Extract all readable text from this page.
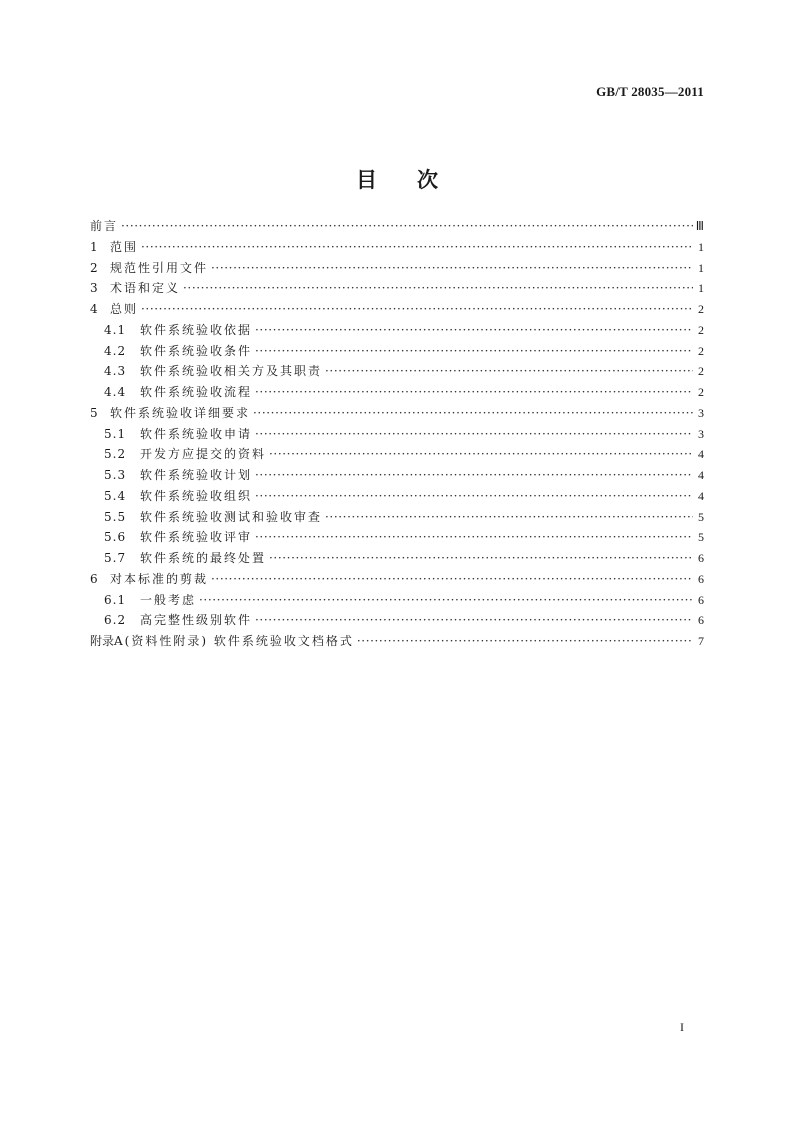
GB/T 28035—2011
目次
前言 ·····	Ⅲ
1	范围 ·····	1
2	规范性引用文件 ·····	1
3	术语和定义 ·····	1
4	总则 ·····	2
4.1	软件系统验收依据 ·····	2
4.2	软件系统验收条件 ·····	2
4.3	软件系统验收相关方及其职责 ·····	2
4.4	软件系统验收流程 ·····	2
5	软件系统验收详细要求 ·····	3
5.1	软件系统验收申请 ·····	3
5.2	开发方应提交的资料 ·····	4
5.3	软件系统验收计划 ·····	4
5.4	软件系统验收组织 ·····	4
5.5	软件系统验收测试和验收审查 ·····	5
5.6	软件系统验收评审 ·····	5
5.7	软件系统的最终处置 ·····	6
6	对本标准的剪裁 ·····	6
6.1	一般考虑 ·····	6
6.2	高完整性级别软件 ·····	6
附录A (资料性附录) 软件系统验收文档格式 ·····	7
I
